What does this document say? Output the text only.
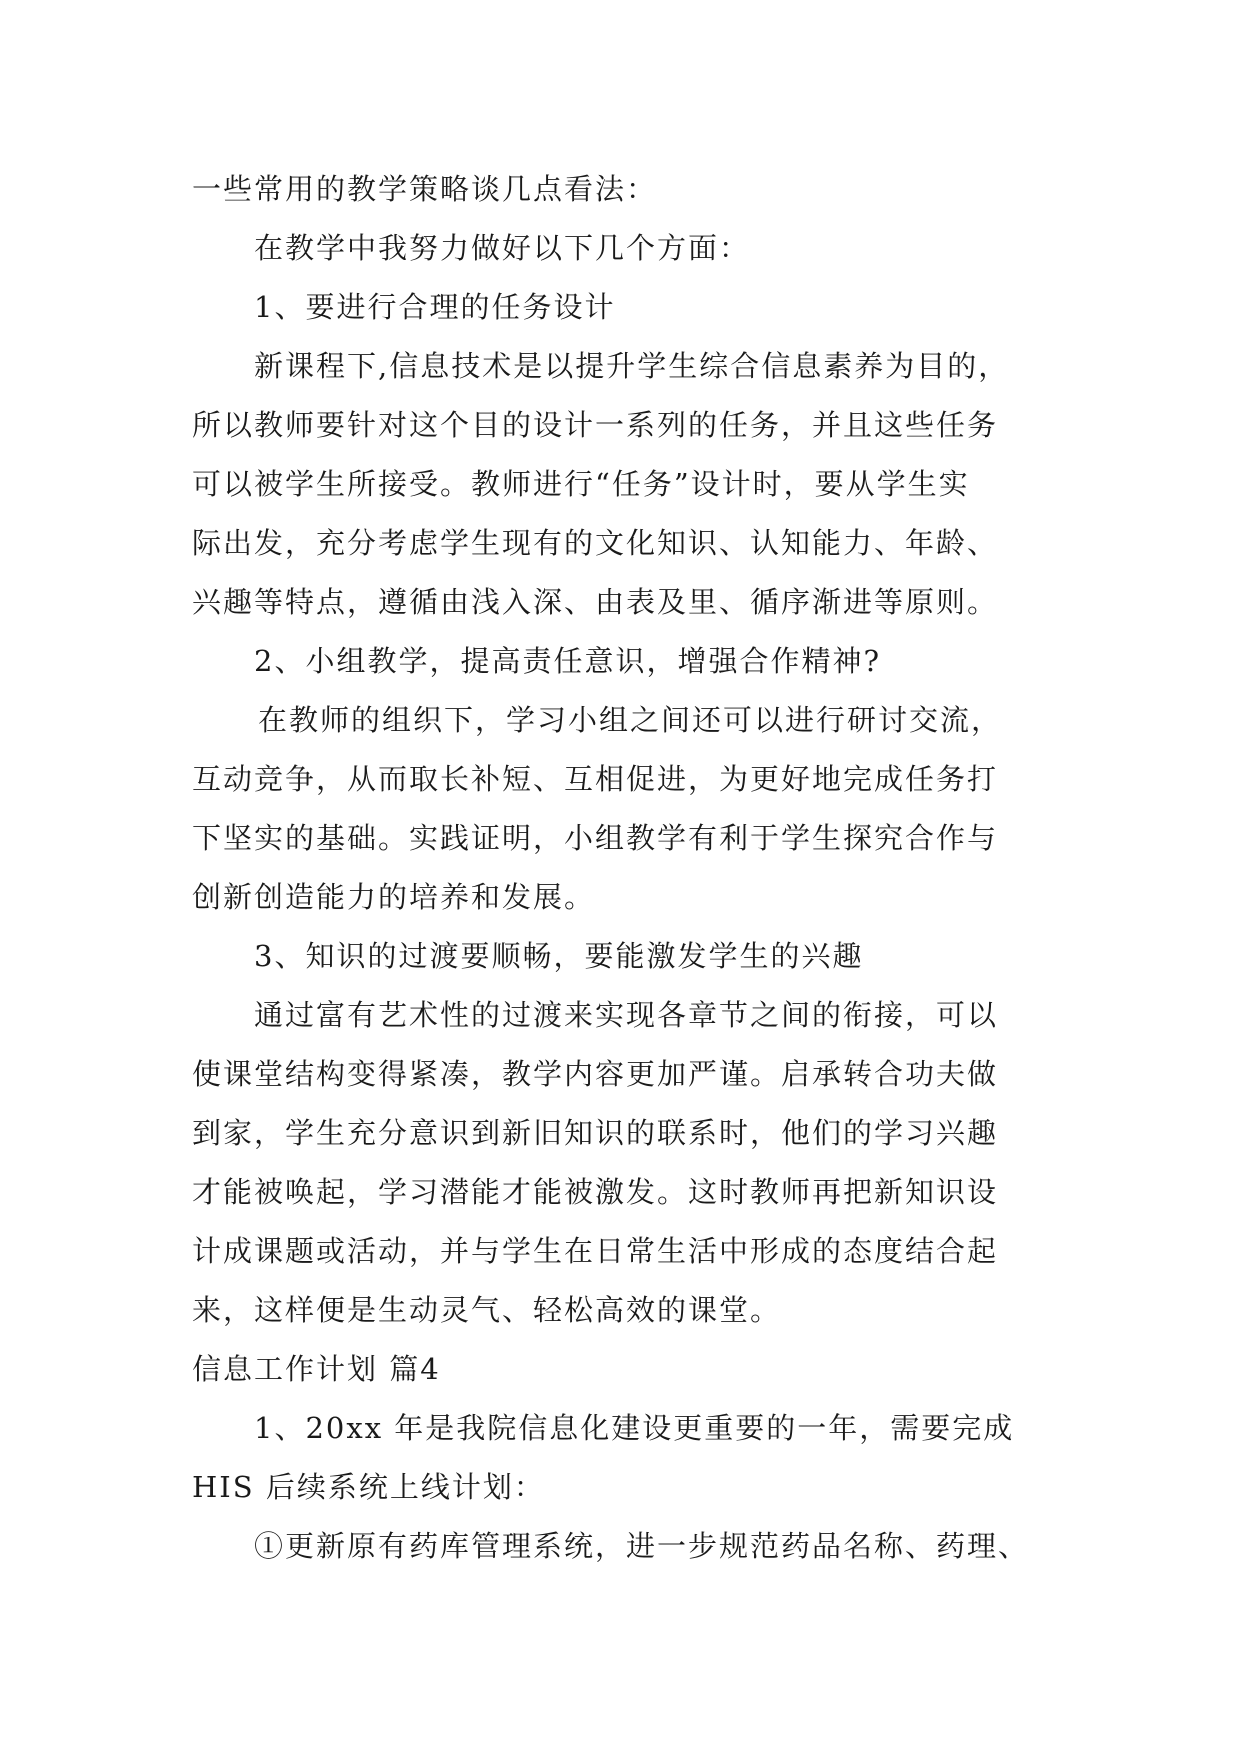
一些常用的教学策略谈几点看法：
在教学中我努力做好以下几个方面：
1、要进行合理的任务设计
新课程下,信息技术是以提升学生综合信息素养为目的，
所以教师要针对这个目的设计一系列的任务，并且这些任务
可以被学生所接受。教师进行“任务”设计时，要从学生实
际出发，充分考虑学生现有的文化知识、认知能力、年龄、
兴趣等特点，遵循由浅入深、由表及里、循序渐进等原则。
2、小组教学，提高责任意识，增强合作精神?
在教师的组织下，学习小组之间还可以进行研讨交流，
互动竞争，从而取长补短、互相促进，为更好地完成任务打
下坚实的基础。实践证明，小组教学有利于学生探究合作与
创新创造能力的培养和发展。
3、知识的过渡要顺畅，要能激发学生的兴趣
通过富有艺术性的过渡来实现各章节之间的衔接，可以
使课堂结构变得紧凑，教学内容更加严谨。启承转合功夫做
到家，学生充分意识到新旧知识的联系时，他们的学习兴趣
才能被唤起，学习潜能才能被激发。这时教师再把新知识设
计成课题或活动，并与学生在日常生活中形成的态度结合起
来，这样便是生动灵气、轻松高效的课堂。
信息工作计划 篇4
1、20xx 年是我院信息化建设更重要的一年，需要完成
HIS 后续系统上线计划：
①更新原有药库管理系统，进一步规范药品名称、药理、
